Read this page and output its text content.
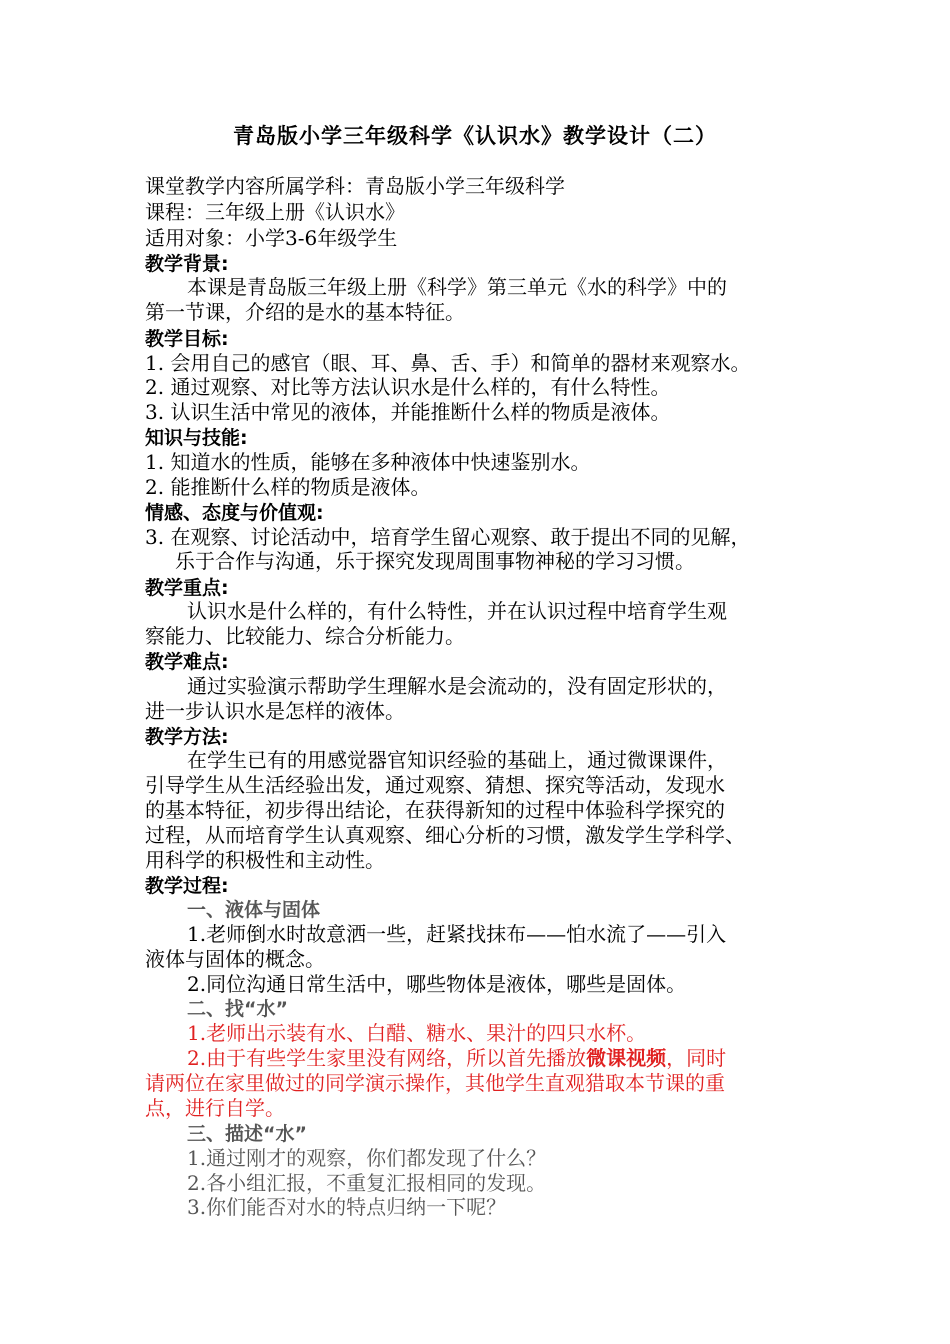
青岛版小学三年级科学《认识水》教学设计（二）
课堂教学内容所属学科：青岛版小学三年级科学
课程：三年级上册《认识水》
适用对象：小学3-6年级学生
教学背景:
本课是青岛版三年级上册《科学》第三单元《水的科学》中的
第一节课，介绍的是水的基本特征。
教学目标:
1. 会用自己的感官（眼、耳、鼻、舌、手）和简单的器材来观察水。
2. 通过观察、对比等方法认识水是什么样的，有什么特性。
3. 认识生活中常见的液体，并能推断什么样的物质是液体。
知识与技能:
1. 知道水的性质，能够在多种液体中快速鉴别水。
2. 能推断什么样的物质是液体。
情感、态度与价值观:
3. 在观察、讨论活动中，培育学生留心观察、敢于提出不同的见解，
乐于合作与沟通，乐于探究发现周围事物神秘的学习习惯。
教学重点:
认识水是什么样的，有什么特性，并在认识过程中培育学生观
察能力、比较能力、综合分析能力。
教学难点:
通过实验演示帮助学生理解水是会流动的，没有固定形状的，
进一步认识水是怎样的液体。
教学方法:
在学生已有的用感觉器官知识经验的基础上，通过微课课件，
引导学生从生活经验出发，通过观察、猜想、探究等活动，发现水
的基本特征，初步得出结论，在获得新知的过程中体验科学探究的
过程，从而培育学生认真观察、细心分析的习惯，激发学生学科学、
用科学的积极性和主动性。
教学过程:
一、液体与固体
1.老师倒水时故意洒一些，赶紧找抹布——怕水流了——引入
液体与固体的概念。
2.同位沟通日常生活中，哪些物体是液体，哪些是固体。
二、找“水”
1.老师出示装有水、白醋、糖水、果汁的四只水杯。
2.由于有些学生家里没有网络，所以首先播放微课视频，同时
请两位在家里做过的同学演示操作，其他学生直观猎取本节课的重
点，进行自学。
三、描述“水”
1.通过刚才的观察，你们都发现了什么？
2.各小组汇报，不重复汇报相同的发现。
3.你们能否对水的特点归纳一下呢？
